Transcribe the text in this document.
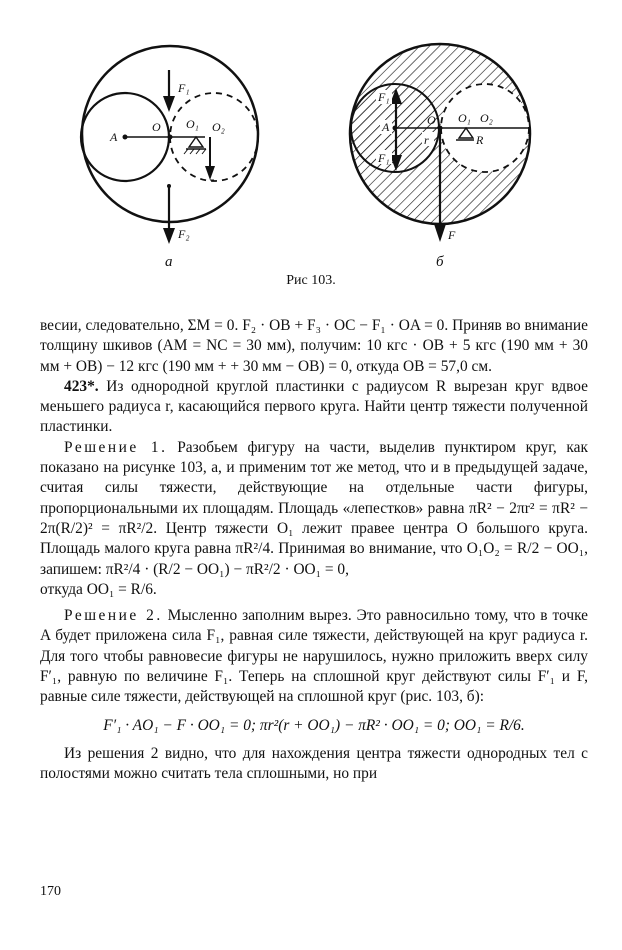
F₁
F₂
A
O O₁ O₂
а
F₁
F₁
A	O O₁ O₂
r	R
F
б
Рис 103.

весии, следовательно, ΣM = 0. F₂ · OB + F₃ · OC − F₁ · OA = 0. Приняв во внимание толщину шкивов (AM = NC = 30 мм), получим: 10 кгс · OB + 5 кгс (190 мм + 30 мм + OB) − 12 кгс (190 мм + + 30 мм − OB) = 0, откуда OB = 57,0 см.

423*. Из однородной круглой пластинки с радиусом R вырезан круг вдвое меньшего радиуса r, касающийся первого круга. Найти центр тяжести полученной пластинки.

Решение 1. Разобьем фигуру на части, выделив пунктиром круг, как показано на рисунке 103, а, и применим тот же метод, что и в предыдущей задаче, считая силы тяжести, действующие на отдельные части фигуры, пропорциональными их площадям. Площадь «лепестков» равна πR² − 2πr² = πR² − 2π(R/2)² = πR²/2. Центр тяжести O₁ лежит правее центра O большого круга. Площадь малого круга равна πR²/4. Принимая во внимание, что O₁O₂ = R/2 − OO₁, запишем: πR²/4 · (R/2 − OO₁) − πR²/2 · OO₁ = 0,

откуда OO₁ = R/6.

Решение 2. Мысленно заполним вырез. Это равносильно тому, что в точке A будет приложена сила F₁, равная силе тяжести, действующей на круг радиуса r. Для того чтобы равновесие фигуры не нарушилось, нужно приложить вверх силу F′₁, равную по величине F₁. Теперь на сплошной круг действуют силы F′₁ и F, равные силе тяжести, действующей на сплошной круг (рис. 103, б):

F′₁ · AO₁ − F · OO₁ = 0; πr²(r + OO₁) − πR² · OO₁ = 0; OO₁ = R/6.

Из решения 2 видно, что для нахождения центра тяжести однородных тел с полостями можно считать тела сплошными, но при

170
